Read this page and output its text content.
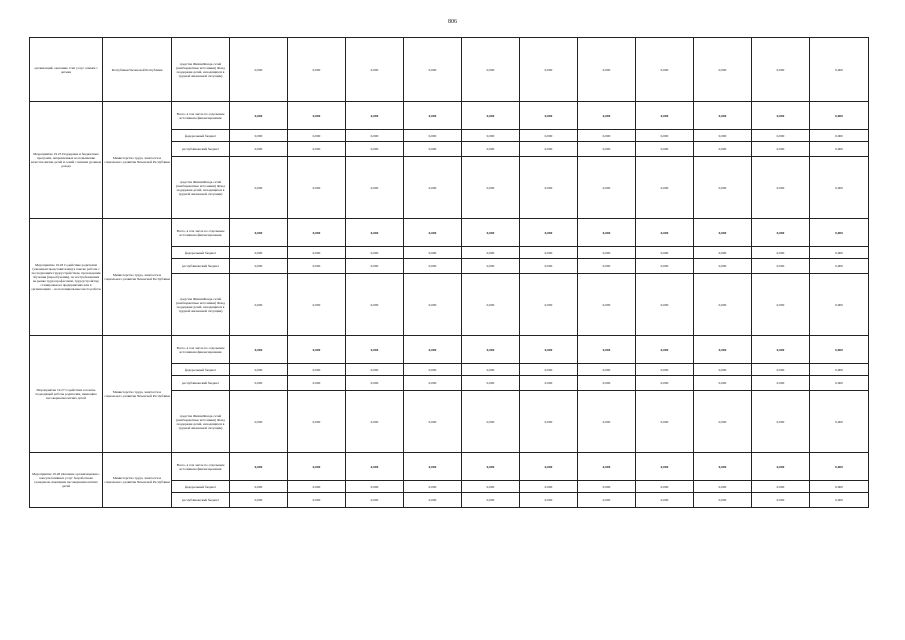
806
организаций, оказанию этих услуг семьям с детьми	Республики Чеченской Республики	средства ЖизниФонда-сетей (внебюджетные источники) Фонд поддержки детей, находящихся в трудной жизненной ситуации)	0,000	0,000	0,000	0,000	0,000	0,000	0,000	0,000	0,000	0,000	0,000
Мероприятие 19.25 Поддержка и бюджетных программ, направленных на повышение качества жизни детей и семей с низким уровнем дохода	Министерство труда, занятости и социального развития Чеченской Республики	Всего, в том числе по отдельным источникам финансирования	0,000	0,000	0,000	0,000	0,000	0,000	0,000	0,000	0,000	0,000	0,000
		федеральный бюджет	0,000	0,000	0,000	0,000	0,000	0,000	0,000	0,000	0,000	0,000	0,000
		республиканский бюджет	0,000	0,000	0,000	0,000	0,000	0,000	0,000	0,000	0,000	0,000	0,000
		средства ЖизниФонда-сетей (внебюджетные источники) Фонд поддержки детей, находящихся в трудной жизненной ситуации)	0,000	0,000	0,000	0,000	0,000	0,000	0,000	0,000	0,000	0,000	0,000
Мероприятие 19.26 Содействие родителям (законным представителям) в поиске работы с последующим трудоустройством, прохождении обучения (переобучения), по востребованным на рынке труда профессиям, трудоустройству, стажировки на предприятиях или в организациях – на потенциальные места работы	Министерство труда, занятости и социального развития Чеченской Республики	Всего, в том числе по отдельным источникам финансирования	0,000	0,000	0,000	0,000	0,000	0,000	0,000	0,000	0,000	0,000	0,000
		федеральный бюджет	0,000	0,000	0,000	0,000	0,000	0,000	0,000	0,000	0,000	0,000	0,000
		республиканский бюджет	0,000	0,000	0,000	0,000	0,000	0,000	0,000	0,000	0,000	0,000	0,000
		средства ЖизниФонда-сетей (внебюджетные источники) Фонд поддержки детей, находящихся в трудной жизненной ситуации)	0,000	0,000	0,000	0,000	0,000	0,000	0,000	0,000	0,000	0,000	0,000
Мероприятие 19.27 Содействие в поиске подходящей работы родителям, имеющим несовершеннолетних детей	Министерство труда, занятости и социального развития Чеченской Республики	Всего, в том числе по отдельным источникам финансирования	0,000	0,000	0,000	0,000	0,000	0,000	0,000	0,000	0,000	0,000	0,000
		федеральный бюджет	0,000	0,000	0,000	0,000	0,000	0,000	0,000	0,000	0,000	0,000	0,000
		республиканский бюджет	0,000	0,000	0,000	0,000	0,000	0,000	0,000	0,000	0,000	0,000	0,000
		средства ЖизниФонда-сетей (внебюджетные источники) Фонд поддержки детей, находящихся в трудной жизненной ситуации)	0,000	0,000	0,000	0,000	0,000	0,000	0,000	0,000	0,000	0,000	0,000
Мероприятие 19.28 Оказание организационно-консультативных услуг безработным гражданам, имеющим несовершеннолетних детей	Министерство труда, занятости и социального развития Чеченской Республики	Всего, в том числе по отдельным источникам финансирования	0,000	0,000	0,000	0,000	0,000	0,000	0,000	0,000	0,000	0,000	0,000
		федеральный бюджет	0,000	0,000	0,000	0,000	0,000	0,000	0,000	0,000	0,000	0,000	0,000
		республиканский бюджет	0,000	0,000	0,000	0,000	0,000	0,000	0,000	0,000	0,000	0,000	0,000
